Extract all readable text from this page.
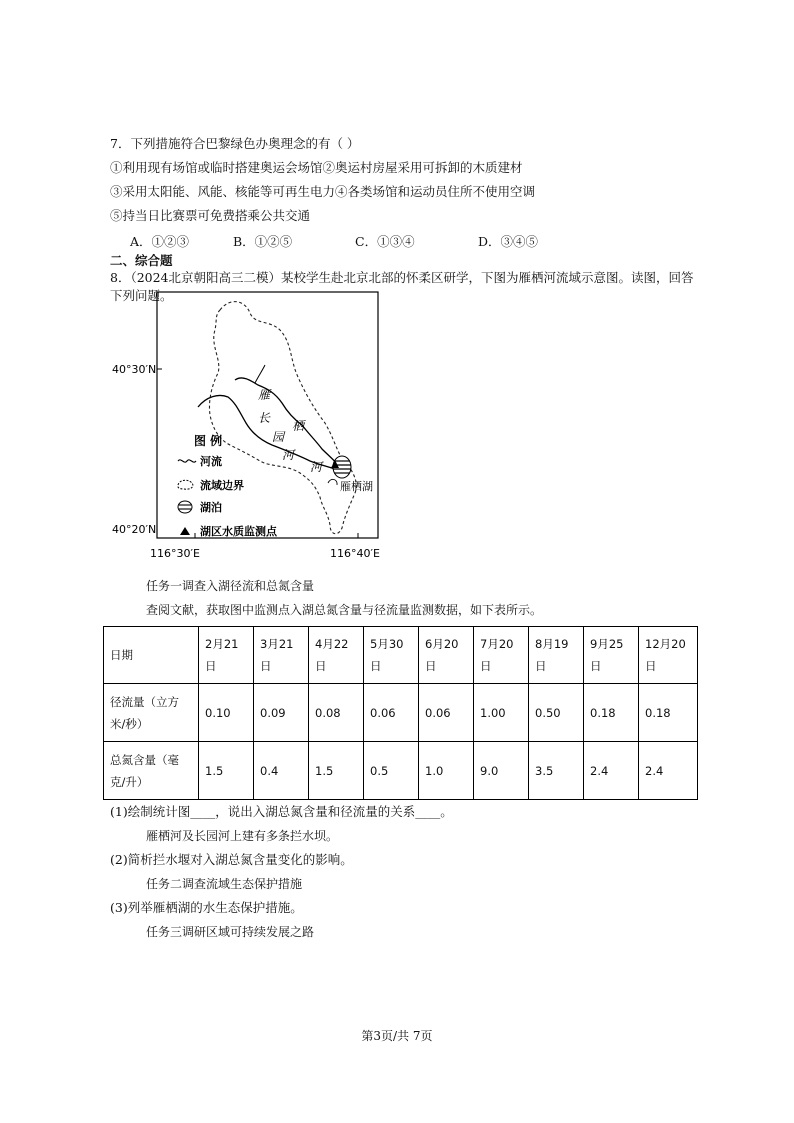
7．下列措施符合巴黎绿色办奥理念的有（ ）
①利用现有场馆或临时搭建奥运会场馆②奥运村房屋采用可拆卸的木质建材
③采用太阳能、风能、核能等可再生电力④各类场馆和运动员住所不使用空调
⑤持当日比赛票可免费搭乘公共交通
A．①②③	B．①②⑤	C．①③④	D．③④⑤
二、综合题
8．（2024北京朝阳高三二模）某校学生赴北京北部的怀柔区研学，下图为雁栖河流域示意图。读图，回答
下列问题。
雁
栖
长
园
河
河
雁栖湖
图 例
河流
流域边界
湖泊
湖区水质监测点
40°30′N
40°20′N
116°30′E	116°40′E
任务一调查入湖径流和总氮含量
查阅文献，获取图中监测点入湖总氮含量与径流量监测数据，如下表所示。
日期	2月21日	3月21日	4月22日	5月30日	6月20日	7月20日	8月19日	9月25日	12月20日
径流量（立方米/秒）	0.10	0.09	0.08	0.06	0.06	1.00	0.50	0.18	0.18
总氮含量（毫克/升）	1.5	0.4	1.5	0.5	1.0	9.0	3.5	2.4	2.4
(1)绘制统计图____，说出入湖总氮含量和径流量的关系____。
雁栖河及长园河上建有多条拦水坝。
(2)简析拦水堰对入湖总氮含量变化的影响。
任务二调查流域生态保护措施
(3)列举雁栖湖的水生态保护措施。
任务三调研区域可持续发展之路
第3页/共 7页
